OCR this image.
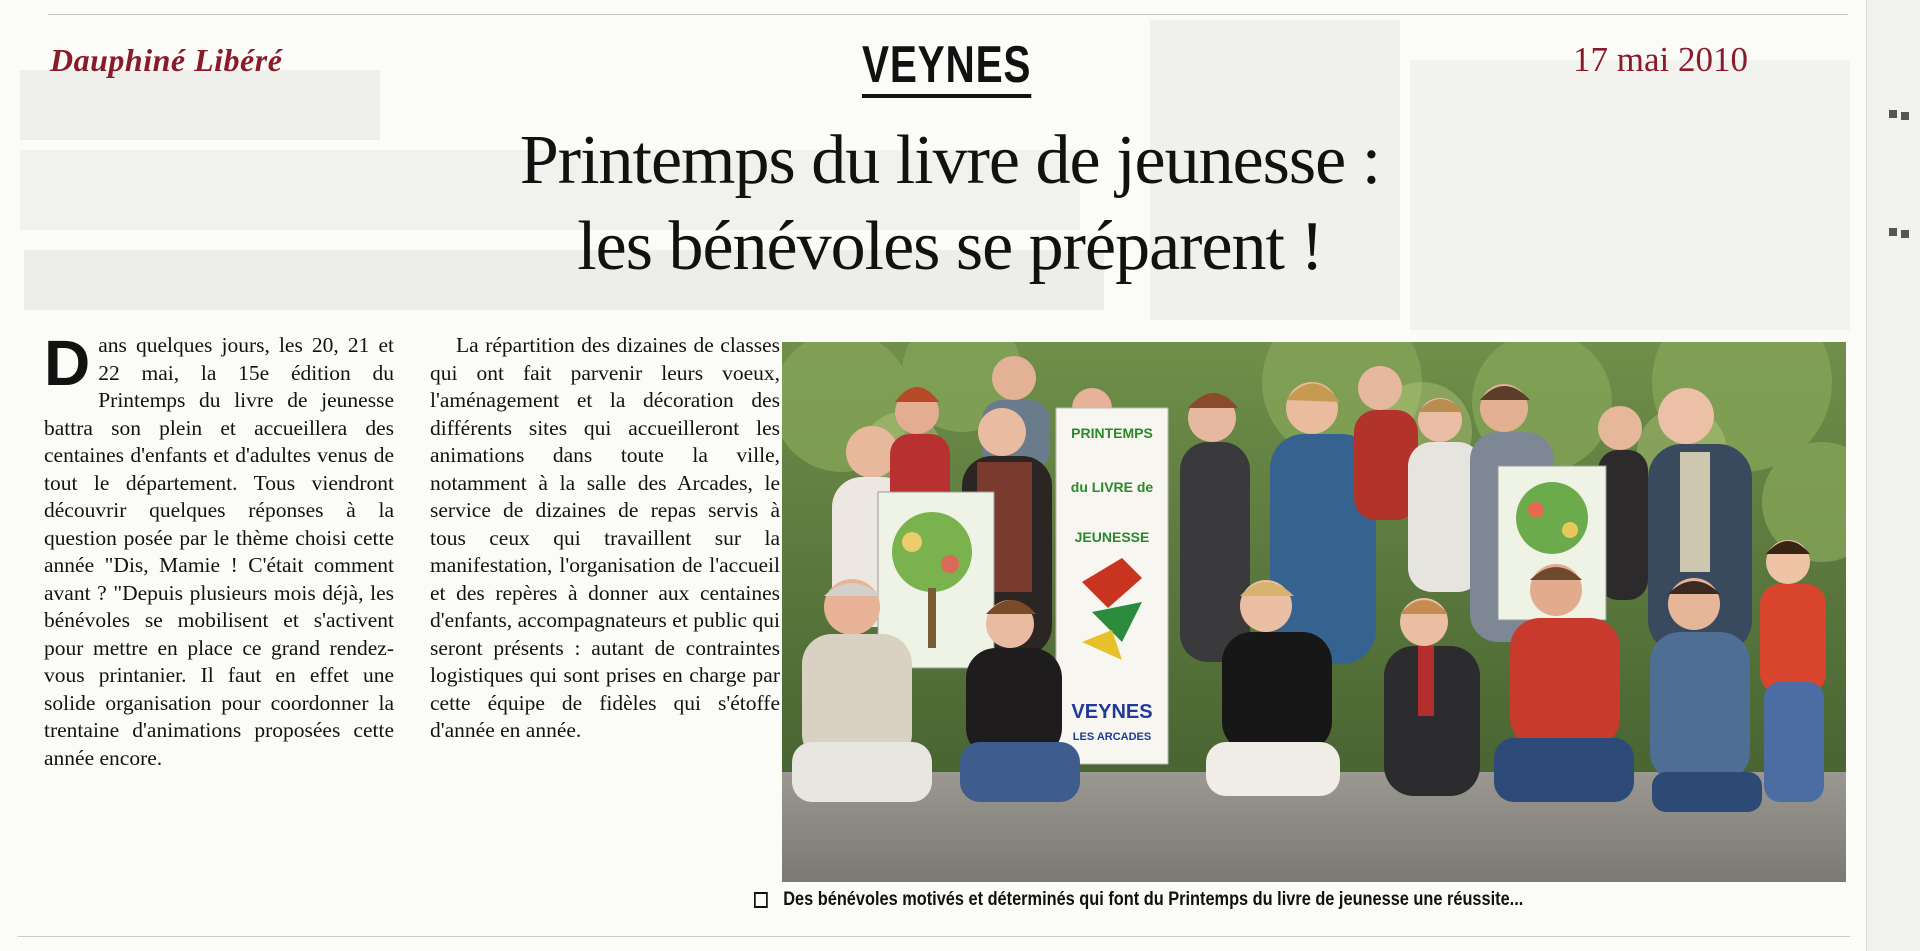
Dauphiné Libéré	17 mai 2010
VEYNES
Printemps du livre de jeunesse :
les bénévoles se préparent !

Dans quelques jours, les 20, 21 et 22 mai, la 15e édition du Printemps du livre de jeunesse battra son plein et accueillera des centaines d'enfants et d'adultes venus de tout le département. Tous viendront découvrir quelques réponses à la question posée par le thème choisi cette année "Dis, Mamie ! C'était comment avant ? "Depuis plusieurs mois déjà, les bénévoles se mobilisent et s'activent pour mettre en place ce grand rendez-vous printanier. Il faut en effet une solide organisation pour coordonner la trentaine d'animations proposées cette année encore.

La répartition des dizaines de classes qui ont fait parvenir leurs voeux, l'aménagement et la décoration des différents sites qui accueilleront les animations dans toute la ville, notamment à la salle des Arcades, le service de dizaines de repas servis à tous ceux qui travaillent sur la manifestation, l'organisation de l'accueil et des repères à donner aux centaines d'enfants, accompagnateurs et public qui seront présents : autant de contraintes logistiques qui sont prises en charge par cette équipe de fidèles qui s'étoffe d'année en année.

PRINTEMPS
du LIVRE de
JEUNESSE
VEYNES
LES ARCADES
Des bénévoles motivés et déterminés qui font du Printemps du livre de jeunesse une réussite...
